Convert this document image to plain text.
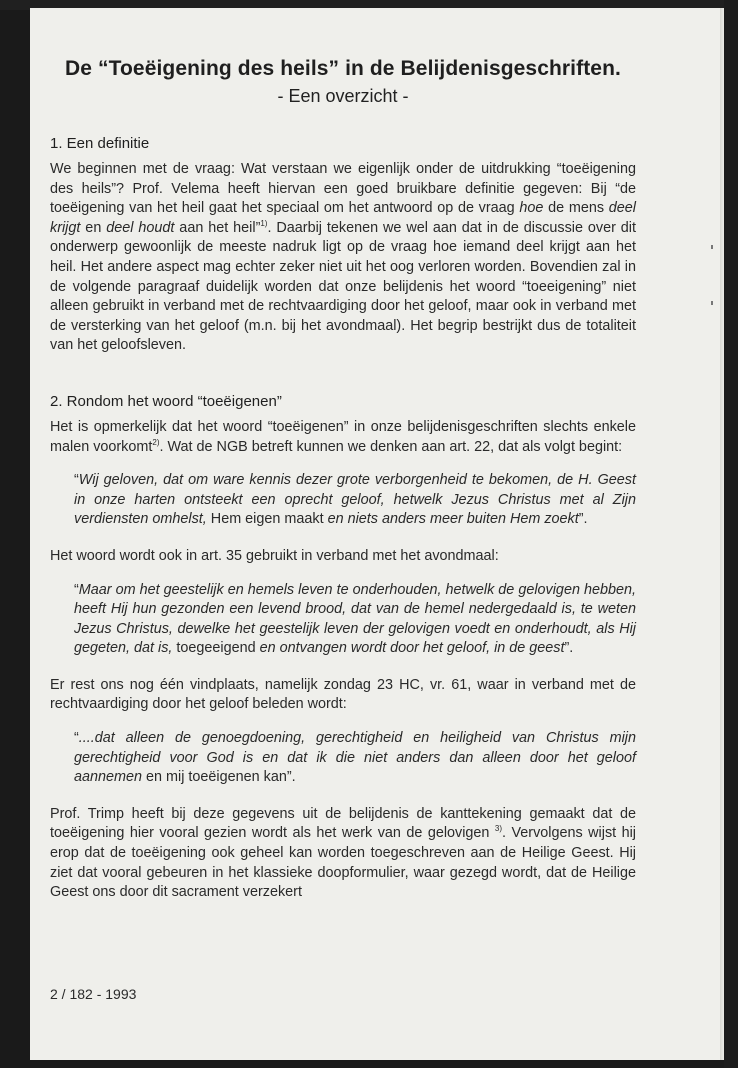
De “Toeëigening des heils” in de Belijdenisgeschriften.
- Een overzicht -
1. Een definitie

We beginnen met de vraag: Wat verstaan we eigenlijk onder de uitdrukking “toeëigening des heils”? Prof. Velema heeft hiervan een goed bruikbare definitie gegeven: Bij “de toeëigening van het heil gaat het speciaal om het antwoord op de vraag hoe de mens deel krijgt en deel houdt aan het heil”$^{1)}$. Daarbij tekenen we wel aan dat in de discussie over dit onderwerp gewoonlijk de meeste nadruk ligt op de vraag hoe iemand deel krijgt aan het heil. Het andere aspect mag echter zeker niet uit het oog verloren worden. Bovendien zal in de volgende paragraaf duidelijk worden dat onze belijdenis het woord “toeeigening” niet alleen gebruikt in verband met de rechtvaardiging door het geloof, maar ook in verband met de versterking van het geloof (m.n. bij het avondmaal). Het begrip bestrijkt dus de totaliteit van het geloofsleven.

2. Rondom het woord “toeëigenen”

Het is opmerkelijk dat het woord “toeëigenen” in onze belijdenisgeschriften slechts enkele malen voorkomt$^{2)}$. Wat de NGB betreft kunnen we denken aan art. 22, dat als volgt begint:

“Wij geloven, dat om ware kennis dezer grote verborgenheid te bekomen, de H. Geest in onze harten ontsteekt een oprecht geloof, hetwelk Jezus Christus met al Zijn verdiensten omhelst, Hem eigen maakt en niets anders meer buiten Hem zoekt”.

Het woord wordt ook in art. 35 gebruikt in verband met het avondmaal:

“Maar om het geestelijk en hemels leven te onderhouden, hetwelk de gelovigen hebben, heeft Hij hun gezonden een levend brood, dat van de hemel nedergedaald is, te weten Jezus Christus, dewelke het geestelijk leven der gelovigen voedt en onderhoudt, als Hij gegeten, dat is, toegeeigend en ontvangen wordt door het geloof, in de geest”.

Er rest ons nog één vindplaats, namelijk zondag 23 HC, vr. 61, waar in verband met de rechtvaardiging door het geloof beleden wordt:

“....dat alleen de genoegdoening, gerechtigheid en heiligheid van Christus mijn gerechtigheid voor God is en dat ik die niet anders dan alleen door het geloof aannemen en mij toeëigenen kan”.

Prof. Trimp heeft bij deze gegevens uit de belijdenis de kanttekening gemaakt dat de toeëigening hier vooral gezien wordt als het werk van de gelovigen $^{3)}$. Vervolgens wijst hij erop dat de toeëigening ook geheel kan worden toegeschreven aan de Heilige Geest. Hij ziet dat vooral gebeuren in het klassieke doopformulier, waar gezegd wordt, dat de Heilige Geest ons door dit sacrament verzekert

2 / 182 - 1993
